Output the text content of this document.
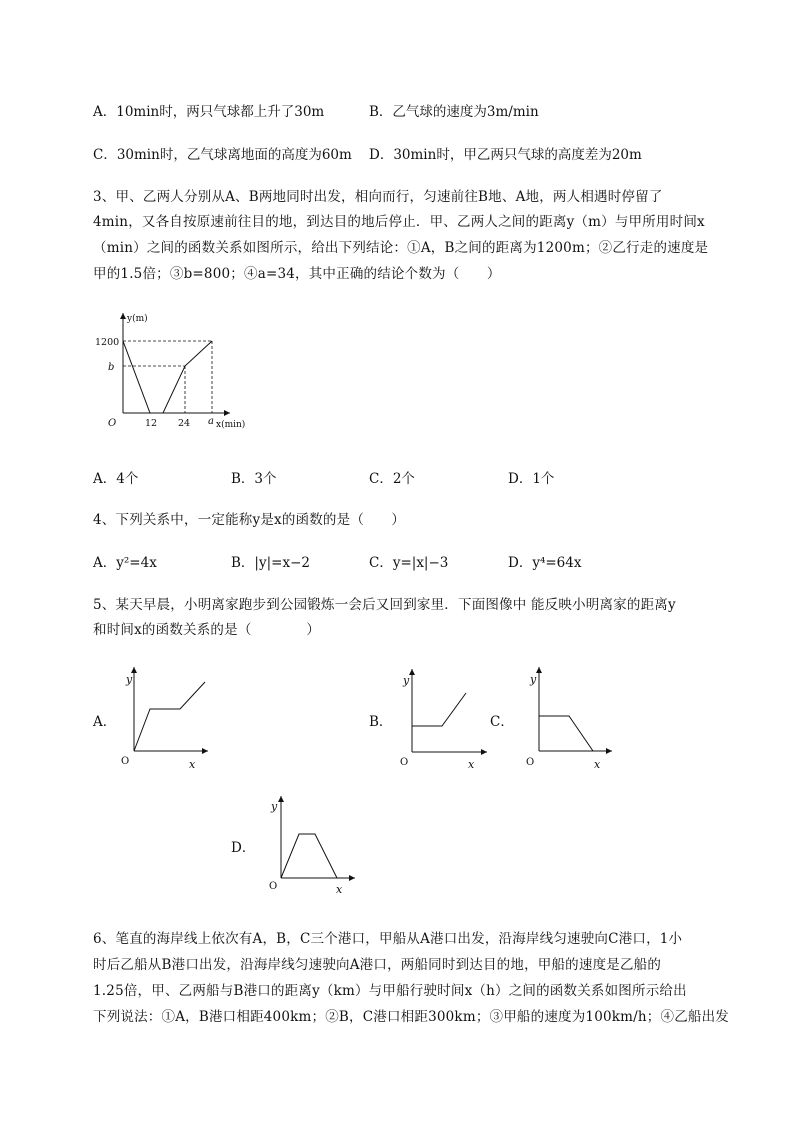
A．10min时，两只气球都上升了30m	B．乙气球的速度为3m/min
C．30min时，乙气球离地面的高度为60m D．30min时，甲乙两只气球的高度差为20m
3、甲、乙两人分别从A、B两地同时出发，相向而行，匀速前往B地、A地，两人相遇时停留了
4min，又各自按原速前往目的地，到达目的地后停止．甲、乙两人之间的距离y（m）与甲所用时间x
（min）之间的函数关系如图所示，给出下列结论：①A，B之间的距离为1200m；②乙行走的速度是
甲的1.5倍；③b=800；④a=34，其中正确的结论个数为（　　）
y(m)
1200
b
O	12 24 a x(min)
A．4个	B．3个	C．2个	D．1个
4、下列关系中，一定能称y是x的函数的是（　　）
A．y²=4x	B．|y|=x−2	C．y=|x|−3	D．y⁴=64x
5、某天早晨，小明离家跑步到公园锻炼一会后又回到家里．下面图像中 能反映小明离家的距离y
和时间x的函数关系的是（　　　　）
A．	B．	C．
D．
y
x
O
y
x
O
y
x
O
y
x
O
6、笔直的海岸线上依次有A，B，C三个港口，甲船从A港口出发，沿海岸线匀速驶向C港口，1小
时后乙船从B港口出发，沿海岸线匀速驶向A港口，两船同时到达目的地，甲船的速度是乙船的
1.25倍，甲、乙两船与B港口的距离y（km）与甲船行驶时间x（h）之间的函数关系如图所示给出
下列说法：①A，B港口相距400km；②B，C港口相距300km；③甲船的速度为100km/h；④乙船出发
